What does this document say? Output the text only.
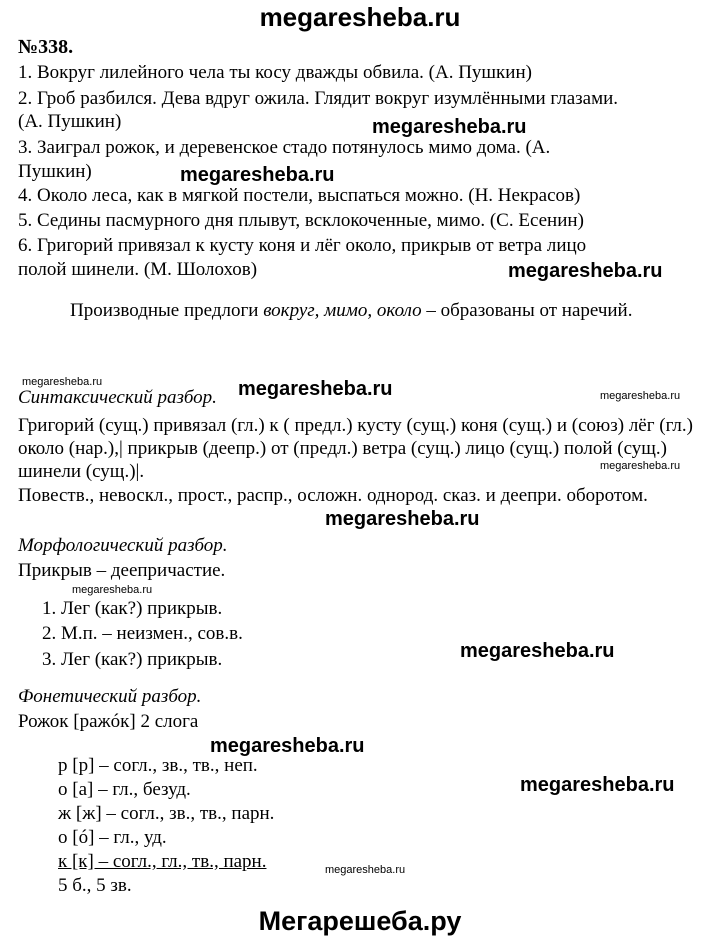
megaresheba.ru
№338.
1. Вокруг лилейного чела ты косу дважды обвила. (А. Пушкин)
2. Гроб разбился. Дева вдруг ожила. Глядит вокруг изумлёнными глазами.
(А. Пушкин)
3. Заиграл рожок, и деревенское стадо потянулось мимо дома. (А.
Пушкин)
4. Около леса, как в мягкой постели, выспаться можно. (Н. Некрасов)
5. Седины пасмурного дня плывут, всклокоченные, мимо. (С. Есенин)
6. Григорий привязал к кусту коня и лёг около, прикрыв от ветра лицо
полой шинели. (М. Шолохов)
Производные предлоги вокруг, мимо, около – образованы от наречий.
Синтаксический разбор.
Григорий (сущ.) привязал (гл.) к ( предл.) кусту (сущ.) коня (сущ.) и (союз) лёг (гл.) около (нар.),| прикрыв (деепр.) от (предл.) ветра (сущ.) лицо (сущ.) полой (сущ.) шинели (сущ.)|.
Повеств., невоскл., прост., распр., осложн. однород. сказ. и деепри. оборотом.
Морфологический разбор.
Прикрыв – деепричастие.
1. Лег (как?) прикрыв.
2. М.п. – неизмен., сов.в.
3. Лег (как?) прикрыв.
Фонетический разбор.
Рожок [ражóк] 2 слога
р [р] – согл., зв., тв., неп.
о [а] – гл., безуд.
ж [ж] – согл., зв., тв., парн.
о [ó] – гл., уд.
к [к] – согл., гл., тв., парн.
5 б., 5 зв.
megaresheba.ru
megaresheba.ru
megaresheba.ru
megaresheba.ru	megaresheba.ru	megaresheba.ru
megaresheba.ru
megaresheba.ru
megaresheba.ru
megaresheba.ru
megaresheba.ru
megaresheba.ru
megaresheba.ru
Мегарешеба.ру
